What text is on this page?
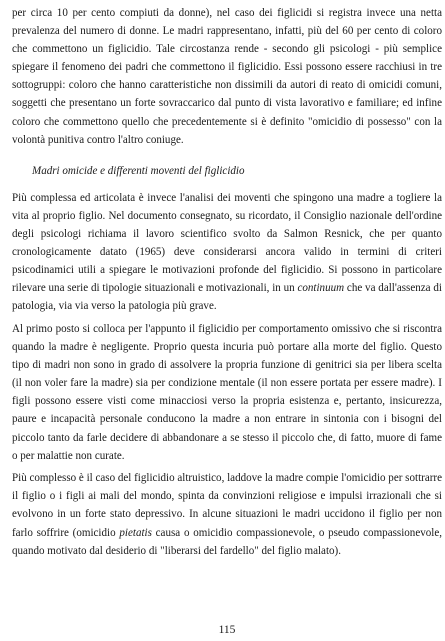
per circa 10 per cento compiuti da donne), nel caso dei figlicidi si registra invece una netta prevalenza del numero di donne. Le madri rappresentano, infatti, più del 60 per cento di coloro che commettono un figlicidio. Tale circostanza rende - secondo gli psicologi - più semplice spiegare il fenomeno dei padri che commettono il figlicidio. Essi possono essere racchiusi in tre sottogruppi: coloro che hanno caratteristiche non dissimili da autori di reato di omicidi comuni, soggetti che presentano un forte sovraccarico dal punto di vista lavorativo e familiare; ed infine coloro che commettono quello che precedentemente si è definito "omicidio di possesso" con la volontà punitiva contro l'altro coniuge.

Madri omicide e differenti moventi del figlicidio

Più complessa ed articolata è invece l'analisi dei moventi che spingono una madre a togliere la vita al proprio figlio. Nel documento consegnato, su ricordato, il Consiglio nazionale dell'ordine degli psicologi richiama il lavoro scientifico svolto da Salmon Resnick, che per quanto cronologicamente datato (1965) deve considerarsi ancora valido in termini di criteri psicodinamici utili a spiegare le motivazioni profonde del figlicidio. Si possono in particolare rilevare una serie di tipologie situazionali e motivazionali, in un continuum che va dall'assenza di patologia, via via verso la patologia più grave.

Al primo posto si colloca per l'appunto il figlicidio per comportamento omissivo che si riscontra quando la madre è negligente. Proprio questa incuria può portare alla morte del figlio. Questo tipo di madri non sono in grado di assolvere la propria funzione di genitrici sia per libera scelta (il non voler fare la madre) sia per condizione mentale (il non essere portata per essere madre). I figli possono essere visti come minacciosi verso la propria esistenza e, pertanto, insicurezza, paure e incapacità personale conducono la madre a non entrare in sintonia con i bisogni del piccolo tanto da farle decidere di abbandonare a se stesso il piccolo che, di fatto, muore di fame o per malattie non curate.

Più complesso è il caso del figlicidio altruistico, laddove la madre compie l'omicidio per sottrarre il figlio o i figli ai mali del mondo, spinta da convinzioni religiose e impulsi irrazionali che si evolvono in un forte stato depressivo. In alcune situazioni le madri uccidono il figlio per non farlo soffrire (omicidio pietatis causa o omicidio compassionevole, o pseudo compassionevole, quando motivato dal desiderio di "liberarsi del fardello" del figlio malato).

115
